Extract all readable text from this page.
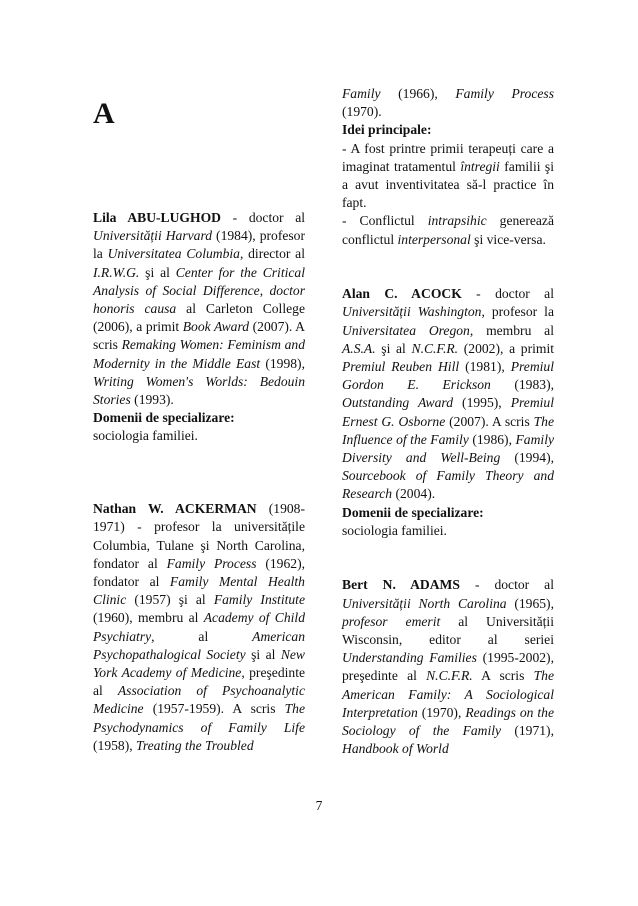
A

Lila ABU-LUGHOD - doctor al Universității Harvard (1984), profesor la Universitatea Columbia, director al I.R.W.G. şi al Center for the Critical Analysis of Social Difference, doctor honoris causa al Carleton College (2006), a primit Book Award (2007). A scris Remaking Women: Feminism and Modernity in the Middle East (1998), Writing Women's Worlds: Bedouin Stories (1993).

Domenii de specializare:
sociologia familiei.

Nathan W. ACKERMAN (1908-1971) - profesor la universitățile Columbia, Tulane şi North Carolina, fondator al Family Process (1962), fondator al Family Mental Health Clinic (1957) şi al Family Institute (1960), membru al Academy of Child Psychiatry, al American Psychopathalogical Society şi al New York Academy of Medicine, preşedinte al Association of Psychoanalytic Medicine (1957-1959). A scris The Psychodynamics of Family Life (1958), Treating the Troubled

Family (1966), Family Process (1970).

Idei principale:

- A fost printre primii terapeuți care a imaginat tratamentul întregii familii şi a avut inventivitatea să-l practice în fapt.

- Conflictul intrapsihic generează conflictul interpersonal şi vice-versa.

Alan C. ACOCK - doctor al Universității Washington, profesor la Universitatea Oregon, membru al A.S.A. şi al N.C.F.R. (2002), a primit Premiul Reuben Hill (1981), Premiul Gordon E. Erickson (1983), Outstanding Award (1995), Premiul Ernest G. Osborne (2007). A scris The Influence of the Family (1986), Family Diversity and Well-Being (1994), Sourcebook of Family Theory and Research (2004).

Domenii de specializare:
sociologia familiei.

Bert N. ADAMS - doctor al Universității North Carolina (1965), profesor emerit al Universității Wisconsin, editor al seriei Understanding Families (1995-2002), preşedinte al N.C.F.R. A scris The American Family: A Sociological Interpretation (1970), Readings on the Sociology of the Family (1971), Handbook of World

7
